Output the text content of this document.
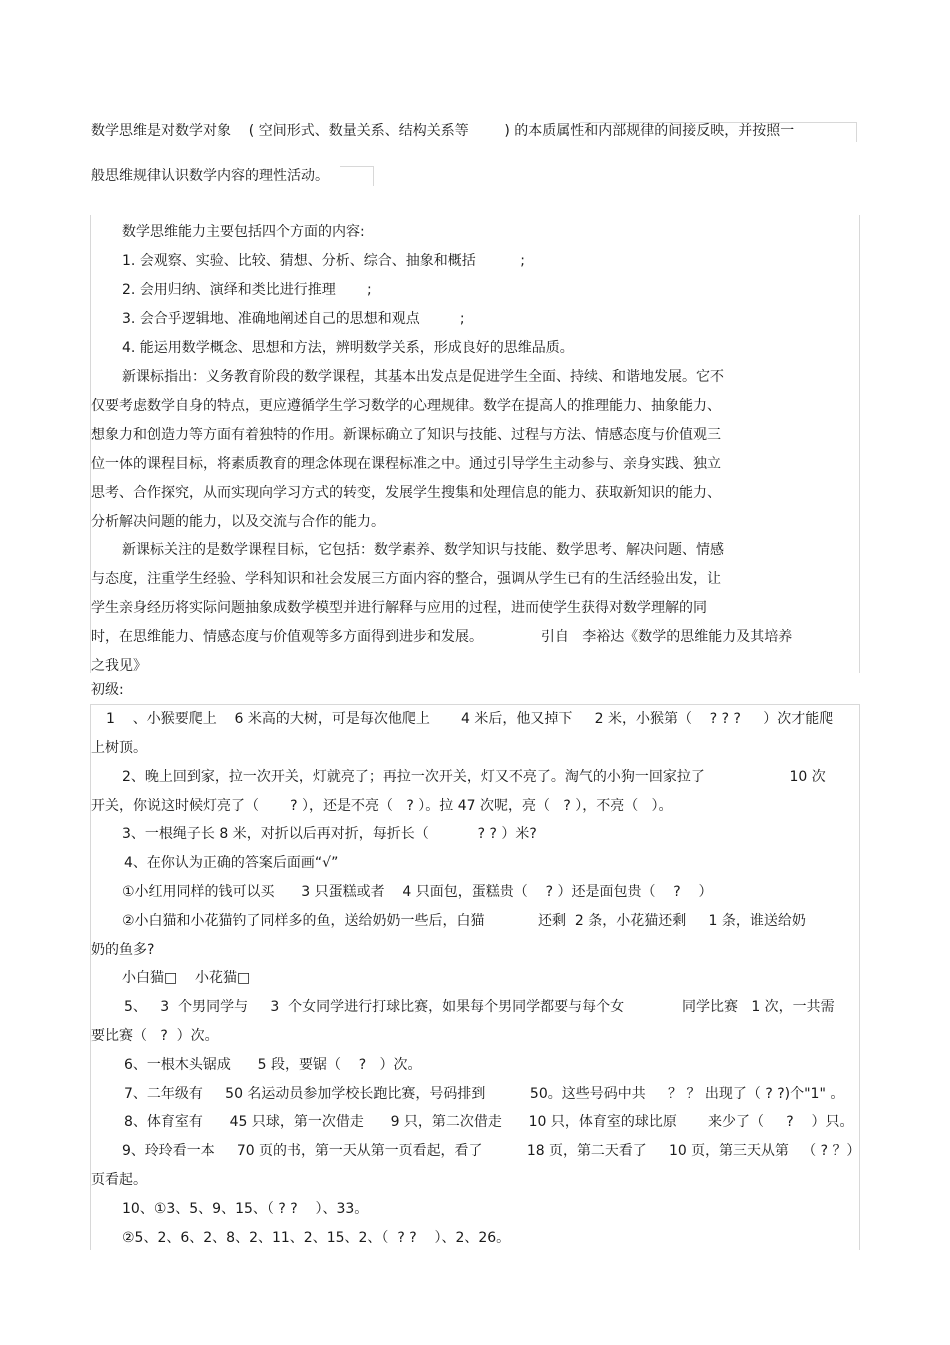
数学思维是对数学对象    ( 空间形式、数量关系、结构关系等        ) 的本质属性和内部规律的间接反映，并按照一
般思维规律认识数学内容的理性活动。
数学思维能力主要包括四个方面的内容:
1. 会观察、实验、比较、猜想、分析、综合、抽象和概括          ;
2. 会用归纳、演绎和类比进行推理       ;
3. 会合乎逻辑地、准确地阐述自己的思想和观点         ;
4. 能运用数学概念、思想和方法，辨明数学关系，形成良好的思维品质。
新课标指出：义务教育阶段的数学课程，其基本出发点是促进学生全面、持续、和谐地发展。它不
仅要考虑数学自身的特点，更应遵循学生学习数学的心理规律。数学在提高人的推理能力、抽象能力、
想象力和创造力等方面有着独特的作用。新课标确立了知识与技能、过程与方法、情感态度与价值观三
位一体的课程目标，将素质教育的理念体现在课程标准之中。通过引导学生主动参与、亲身实践、独立
思考、合作探究，从而实现向学习方式的转变，发展学生搜集和处理信息的能力、获取新知识的能力、
分析解决问题的能力，以及交流与合作的能力。
新课标关注的是数学课程目标，它包括：数学素养、数学知识与技能、数学思考、解决问题、情感
与态度，注重学生经验、学科知识和社会发展三方面内容的整合，强调从学生已有的生活经验出发，让
学生亲身经历将实际问题抽象成数学模型并进行解释与应用的过程，进而使学生获得对数学理解的同
时，在思维能力、情感态度与价值观等多方面得到进步和发展。             引自   李裕达《数学的思维能力及其培养
之我见》
初级:
1    、小猴要爬上    6 米高的大树，可是每次他爬上       4 米后，他又掉下     2 米，小猴第（    ? ? ?     ）次才能爬
上树顶。
2、晚上回到家，拉一次开关，灯就亮了；再拉一次开关，灯又不亮了。淘气的小狗一回家拉了                   10 次
开关，你说这时候灯亮了（       ? ），还是不亮（   ? ）。拉 47 次呢，亮（   ? ），不亮（   ）。
3、一根绳子长 8 米，对折以后再对折，每折长（           ? ? ）米?
4、在你认为正确的答案后面画“√”
①小红用同样的钱可以买      3 只蛋糕或者    4 只面包，蛋糕贵（    ? ）还是面包贵（    ?    ）
②小白猫和小花猫钓了同样多的鱼，送给奶奶一些后，白猫            还剩  2 条，小花猫还剩     1 条，谁送给奶
奶的鱼多?
小白猫□    小花猫□
5、   3  个男同学与     3  个女同学进行打球比赛，如果每个男同学都要与每个女             同学比赛   1 次，一共需
要比赛（   ?  ）次。
6、一根木头锯成      5 段，要锯（    ?   ）次。
7、二年级有     50 名运动员参加学校长跑比赛，号码排到          50。这些号码中共     ？ ？ 出现了（ ? ?)个"1" 。
8、体育室有      45 只球，第一次借走      9 只，第二次借走      10 只，体育室的球比原       来少了（     ?    ）只。
9、玲玲看一本     70 页的书，第一天从第一页看起，看了          18 页，第二天看了     10 页，第三天从第   （ ? ？）
页看起。
10、①3、5、9、15、（ ? ?    ）、33。
②5、2、6、2、8、2、11、2、15、2、（  ? ?    ）、2、26。
